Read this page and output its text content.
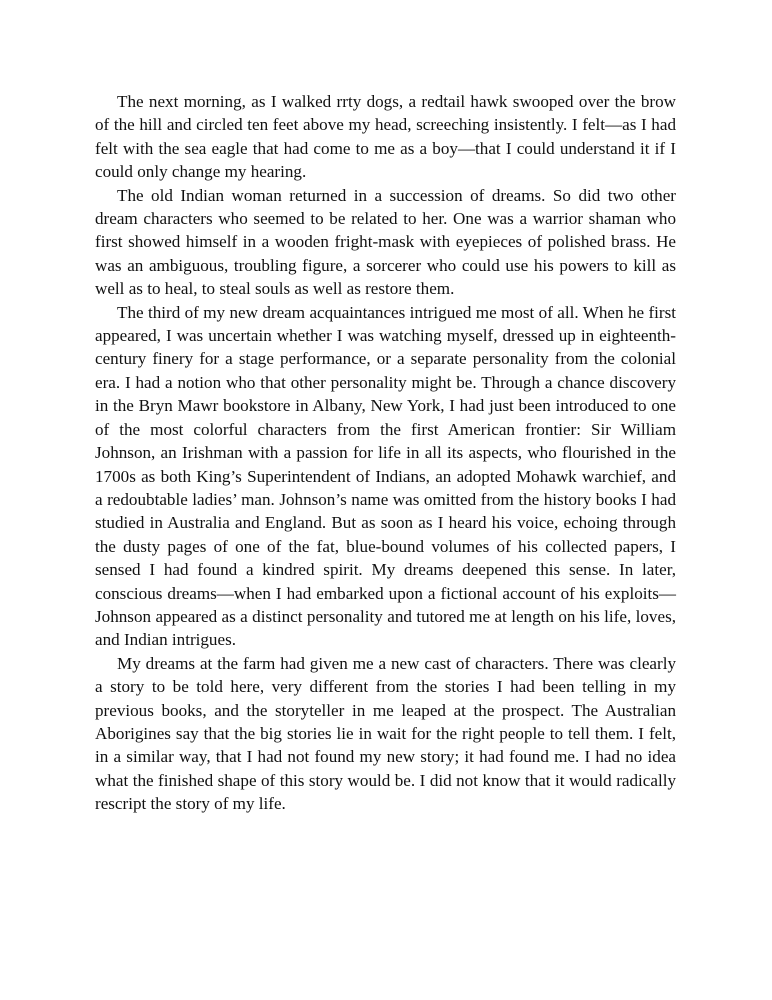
The next morning, as I walked rrty dogs, a redtail hawk swooped over the brow of the hill and circled ten feet above my head, screeching insistently. I felt—as I had felt with the sea eagle that had come to me as a boy—that I could understand it if I could only change my hearing.

The old Indian woman returned in a succession of dreams. So did two other dream characters who seemed to be related to her. One was a warrior shaman who first showed himself in a wooden fright-mask with eyepieces of polished brass. He was an ambiguous, troubling figure, a sorcerer who could use his powers to kill as well as to heal, to steal souls as well as restore them.

The third of my new dream acquaintances intrigued me most of all. When he first appeared, I was uncertain whether I was watching myself, dressed up in eighteenth-century finery for a stage performance, or a separate personality from the colonial era. I had a notion who that other personality might be. Through a chance discovery in the Bryn Mawr bookstore in Albany, New York, I had just been introduced to one of the most colorful characters from the first American frontier: Sir William Johnson, an Irishman with a passion for life in all its aspects, who flourished in the 1700s as both King’s Superintendent of Indians, an adopted Mohawk warchief, and a redoubtable ladies’ man. Johnson’s name was omitted from the history books I had studied in Australia and England. But as soon as I heard his voice, echoing through the dusty pages of one of the fat, blue-bound volumes of his collected papers, I sensed I had found a kindred spirit. My dreams deepened this sense. In later, conscious dreams—when I had embarked upon a fictional account of his exploits—Johnson appeared as a distinct personality and tutored me at length on his life, loves, and Indian intrigues.

My dreams at the farm had given me a new cast of characters. There was clearly a story to be told here, very different from the stories I had been telling in my previous books, and the storyteller in me leaped at the prospect. The Australian Aborigines say that the big stories lie in wait for the right people to tell them. I felt, in a similar way, that I had not found my new story; it had found me. I had no idea what the finished shape of this story would be. I did not know that it would radically rescript the story of my life.
